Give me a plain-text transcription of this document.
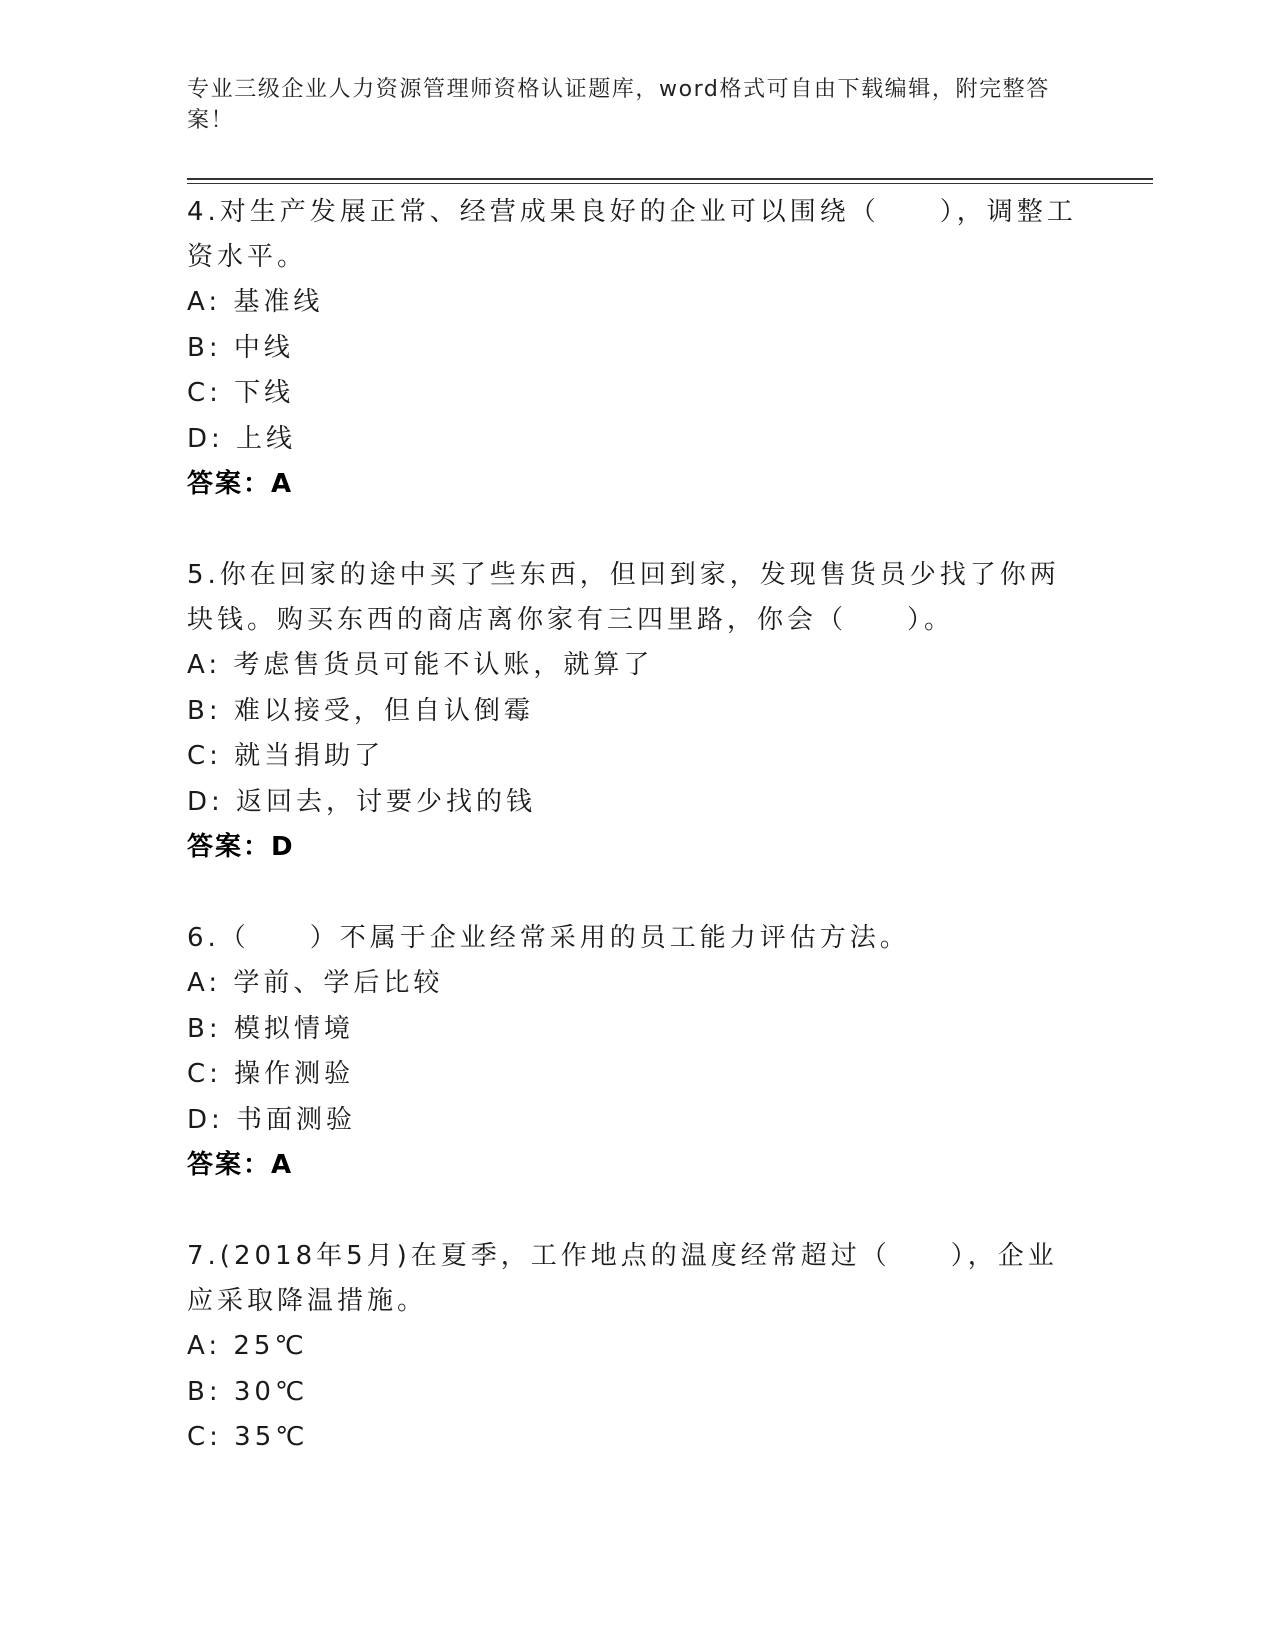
专业三级企业人力资源管理师资格认证题库，word格式可自由下载编辑，附完整答案！
4.对生产发展正常、经营成果良好的企业可以围绕（　　），调整工资水平。
A: 基准线
B: 中线
C: 下线
D: 上线
答案：A
5.你在回家的途中买了些东西，但回到家，发现售货员少找了你两块钱。购买东西的商店离你家有三四里路，你会（　　）。
A: 考虑售货员可能不认账，就算了
B: 难以接受，但自认倒霉
C: 就当捐助了
D: 返回去，讨要少找的钱
答案：D
6.（　　）不属于企业经常采用的员工能力评估方法。
A: 学前、学后比较
B: 模拟情境
C: 操作测验
D: 书面测验
答案：A
7.(2018年5月)在夏季，工作地点的温度经常超过（　　），企业应采取降温措施。
A: 25℃
B: 30℃
C: 35℃
